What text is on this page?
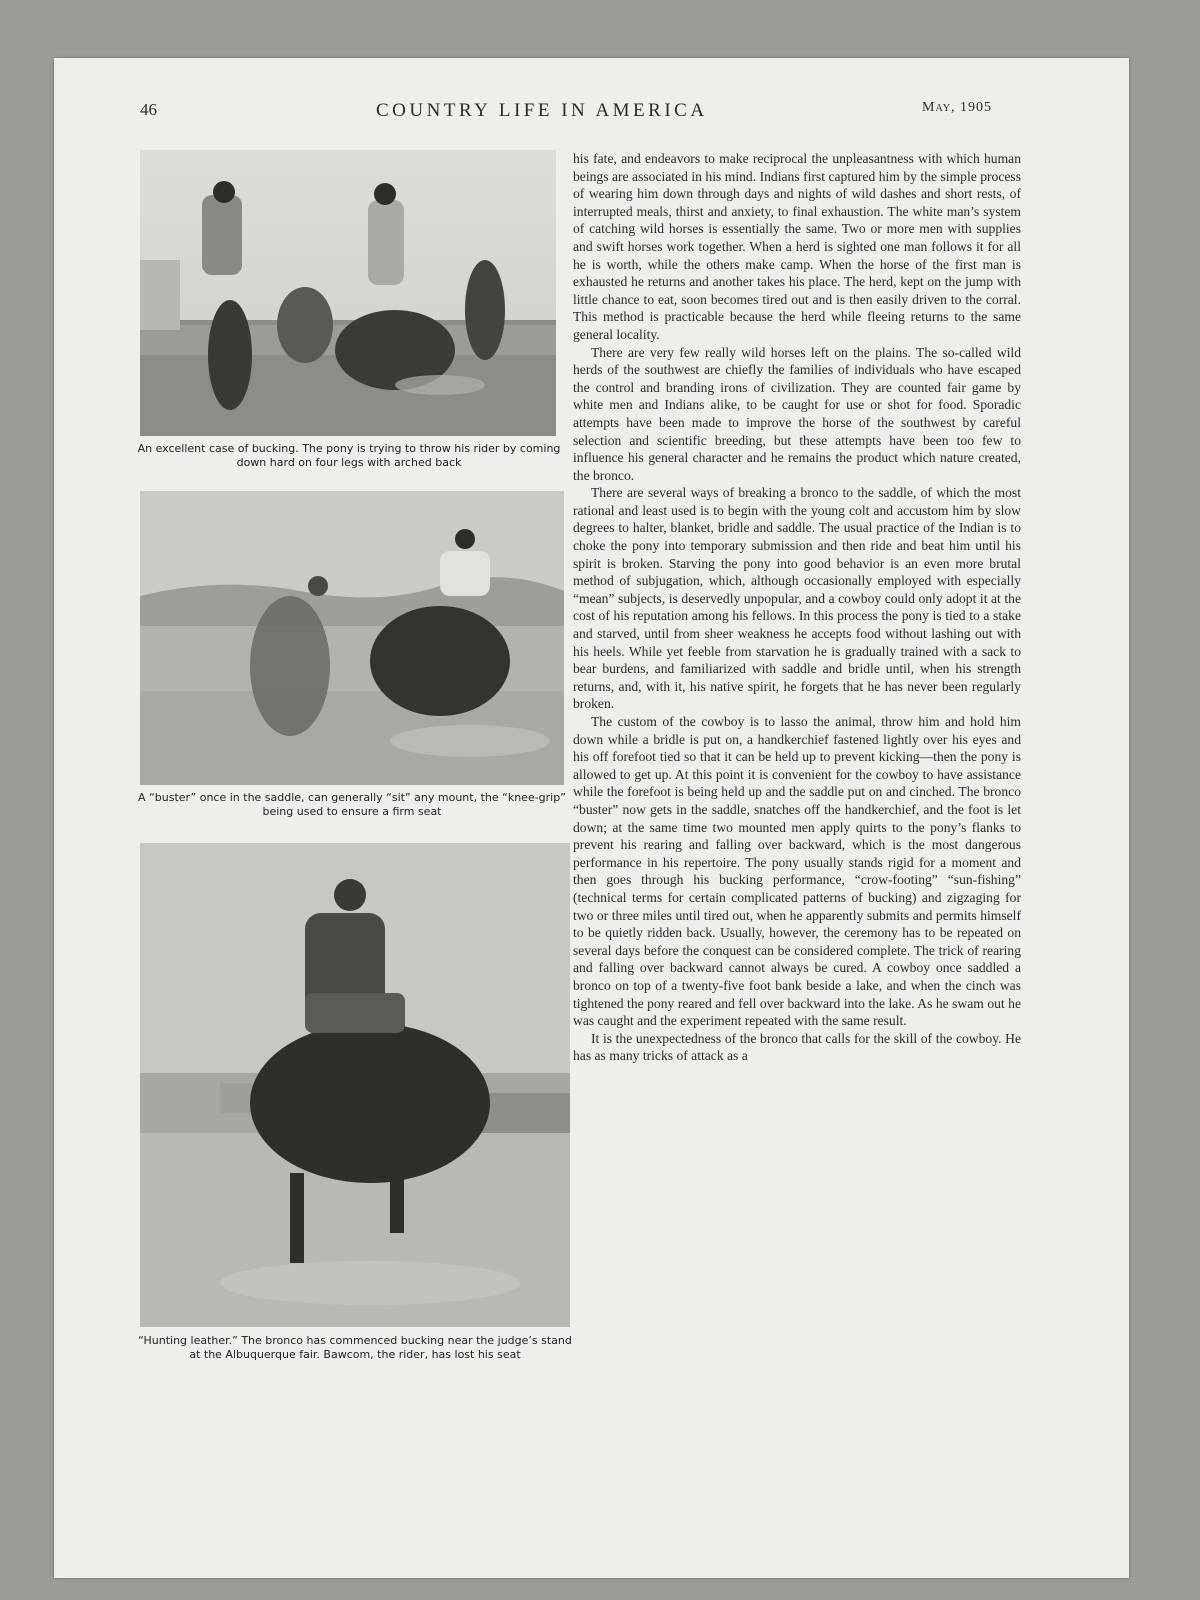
46	COUNTRY LIFE IN AMERICA	May, 1905
An excellent case of bucking. The pony is trying to throw his rider by coming down hard on four legs with arched back
A “buster” once in the saddle, can generally “sit” any mount, the “knee-grip” being used to ensure a firm seat
“Hunting leather.” The bronco has commenced bucking near the judge’s stand at the Albuquerque fair. Bawcom, the rider, has lost his seat

his fate, and endeavors to make reciprocal the unpleasantness with which human beings are associated in his mind. Indians first captured him by the simple process of wearing him down through days and nights of wild dashes and short rests, of interrupted meals, thirst and anxiety, to final exhaustion. The white man’s system of catching wild horses is essentially the same. Two or more men with supplies and swift horses work together. When a herd is sighted one man follows it for all he is worth, while the others make camp. When the horse of the first man is exhausted he returns and another takes his place. The herd, kept on the jump with little chance to eat, soon becomes tired out and is then easily driven to the corral. This method is practicable because the herd while fleeing returns to the same general locality.

There are very few really wild horses left on the plains. The so-called wild herds of the southwest are chiefly the families of individuals who have escaped the control and branding irons of civilization. They are counted fair game by white men and Indians alike, to be caught for use or shot for food. Sporadic attempts have been made to improve the horse of the southwest by careful selection and scientific breeding, but these attempts have been too few to influence his general character and he remains the product which nature created, the bronco.

There are several ways of breaking a bronco to the saddle, of which the most rational and least used is to begin with the young colt and accustom him by slow degrees to halter, blanket, bridle and saddle. The usual practice of the Indian is to choke the pony into temporary submission and then ride and beat him until his spirit is broken. Starving the pony into good behavior is an even more brutal method of subjugation, which, although occasionally employed with especially “mean” subjects, is deservedly unpopular, and a cowboy could only adopt it at the cost of his reputation among his fellows. In this process the pony is tied to a stake and starved, until from sheer weakness he accepts food without lashing out with his heels. While yet feeble from starvation he is gradually trained with a sack to bear burdens, and familiarized with saddle and bridle until, when his strength returns, and, with it, his native spirit, he forgets that he has never been regularly broken.

The custom of the cowboy is to lasso the animal, throw him and hold him down while a bridle is put on, a handkerchief fastened lightly over his eyes and his off forefoot tied so that it can be held up to prevent kicking—then the pony is allowed to get up. At this point it is convenient for the cowboy to have assistance while the forefoot is being held up and the saddle put on and cinched. The bronco “buster” now gets in the saddle, snatches off the handkerchief, and the foot is let down; at the same time two mounted men apply quirts to the pony’s flanks to prevent his rearing and falling over backward, which is the most dangerous performance in his repertoire. The pony usually stands rigid for a moment and then goes through his bucking performance, “crow-footing” “sun-fishing” (technical terms for certain complicated patterns of bucking) and zigzaging for two or three miles until tired out, when he apparently submits and permits himself to be quietly ridden back. Usually, however, the ceremony has to be repeated on several days before the conquest can be considered complete. The trick of rearing and falling over backward cannot always be cured. A cowboy once saddled a bronco on top of a twenty-five foot bank beside a lake, and when the cinch was tightened the pony reared and fell over backward into the lake. As he swam out he was caught and the experiment repeated with the same result.

It is the unexpectedness of the bronco that calls for the skill of the cowboy. He has as many tricks of attack as a
